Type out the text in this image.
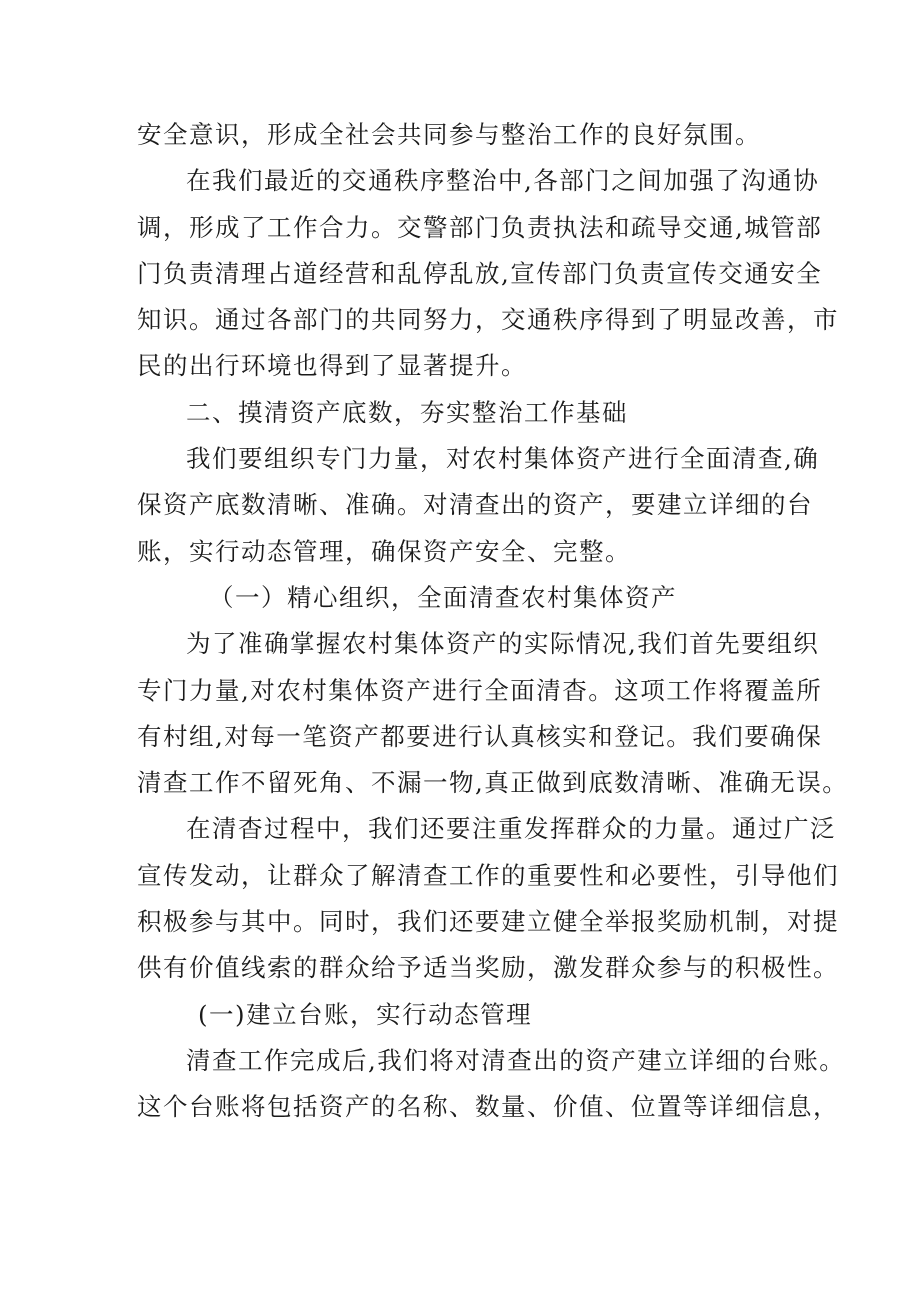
安全意识，形成全社会共同参与整治工作的良好氛围。
在我们最近的交通秩序整治中,各部门之间加强了沟通协
调，形成了工作合力。交警部门负责执法和疏导交通,城管部
门负责清理占道经营和乱停乱放,宣传部门负责宣传交通安全
知识。通过各部门的共同努力，交通秩序得到了明显改善，市
民的出行环境也得到了显著提升。
二、摸清资产底数，夯实整治工作基础
我们要组织专门力量，对农村集体资产进行全面清查,确
保资产底数清晰、准确。对清查出的资产，要建立详细的台
账，实行动态管理，确保资产安全、完整。
（一）精心组织，全面清查农村集体资产
为了准确掌握农村集体资产的实际情况,我们首先要组织
专门力量,对农村集体资产进行全面清杳。这项工作将覆盖所
有村组,对每一笔资产都要进行认真核实和登记。我们要确保
清查工作不留死角、不漏一物,真正做到底数清晰、准确无误。
在清杳过程中，我们还要注重发挥群众的力量。通过广泛
宣传发动，让群众了解清查工作的重要性和必要性，引导他们
积极参与其中。同时，我们还要建立健全举报奖励机制，对提
供有价值线索的群众给予适当奖励，激发群众参与的积极性。
(一)建立台账，实行动态管理
清查工作完成后,我们将对清查出的资产建立详细的台账。
这个台账将包括资产的名称、数量、价值、位置等详细信息，
